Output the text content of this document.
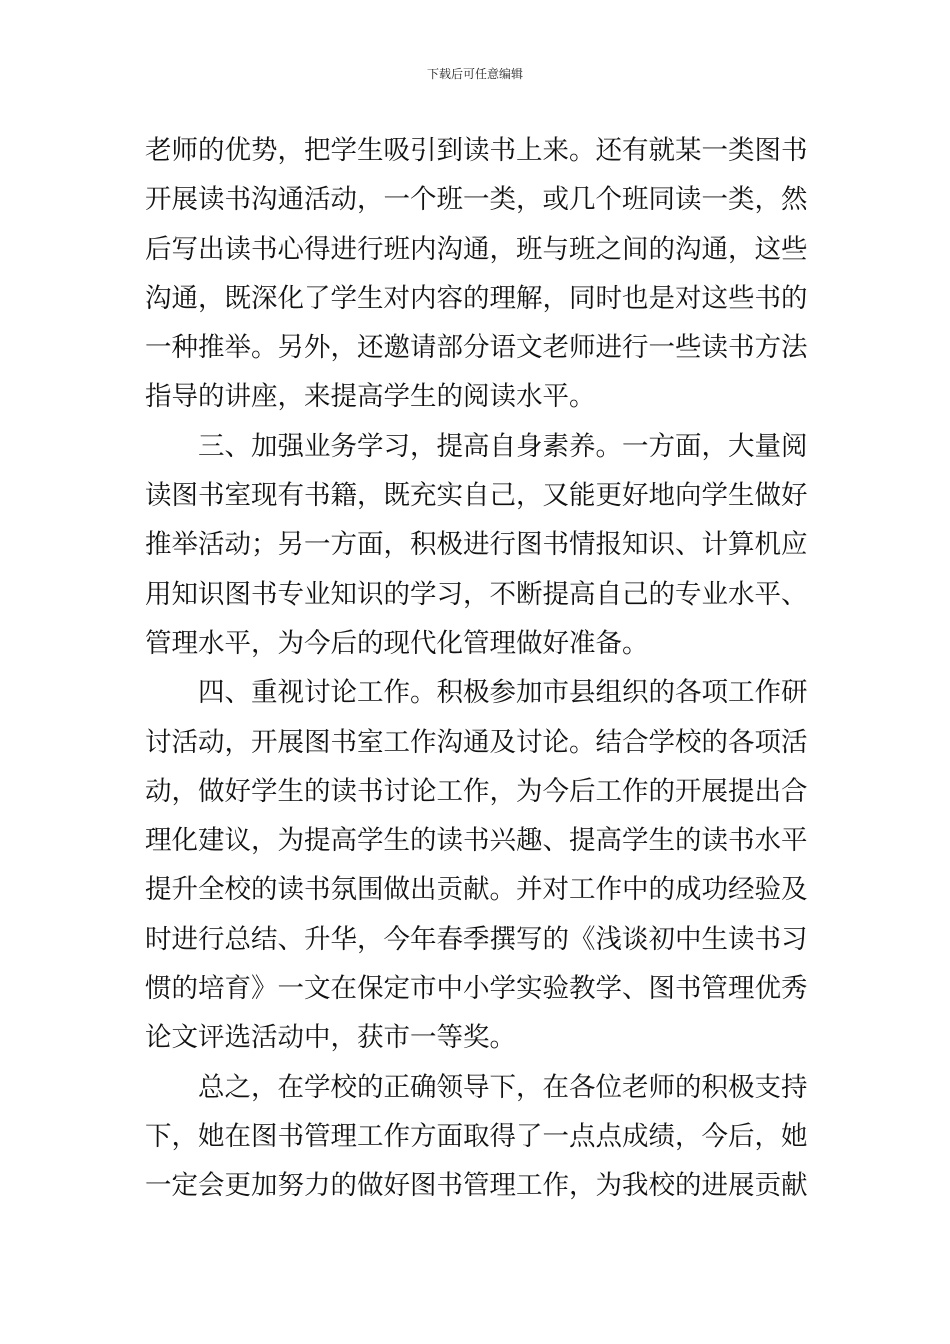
下载后可任意编辑
老师的优势，把学生吸引到读书上来。还有就某一类图书
开展读书沟通活动，一个班一类，或几个班同读一类，然
后写出读书心得进行班内沟通，班与班之间的沟通，这些
沟通，既深化了学生对内容的理解，同时也是对这些书的
一种推举。另外，还邀请部分语文老师进行一些读书方法
指导的讲座，来提高学生的阅读水平。
三、加强业务学习，提高自身素养。一方面，大量阅
读图书室现有书籍，既充实自己，又能更好地向学生做好
推举活动；另一方面，积极进行图书情报知识、计算机应
用知识图书专业知识的学习，不断提高自己的专业水平、
管理水平，为今后的现代化管理做好准备。
四、重视讨论工作。积极参加市县组织的各项工作研
讨活动，开展图书室工作沟通及讨论。结合学校的各项活
动，做好学生的读书讨论工作，为今后工作的开展提出合
理化建议，为提高学生的读书兴趣、提高学生的读书水平
提升全校的读书氛围做出贡献。并对工作中的成功经验及
时进行总结、升华，今年春季撰写的《浅谈初中生读书习
惯的培育》一文在保定市中小学实验教学、图书管理优秀
论文评选活动中，获市一等奖。
总之，在学校的正确领导下，在各位老师的积极支持
下，她在图书管理工作方面取得了一点点成绩，今后，她
一定会更加努力的做好图书管理工作，为我校的进展贡献
